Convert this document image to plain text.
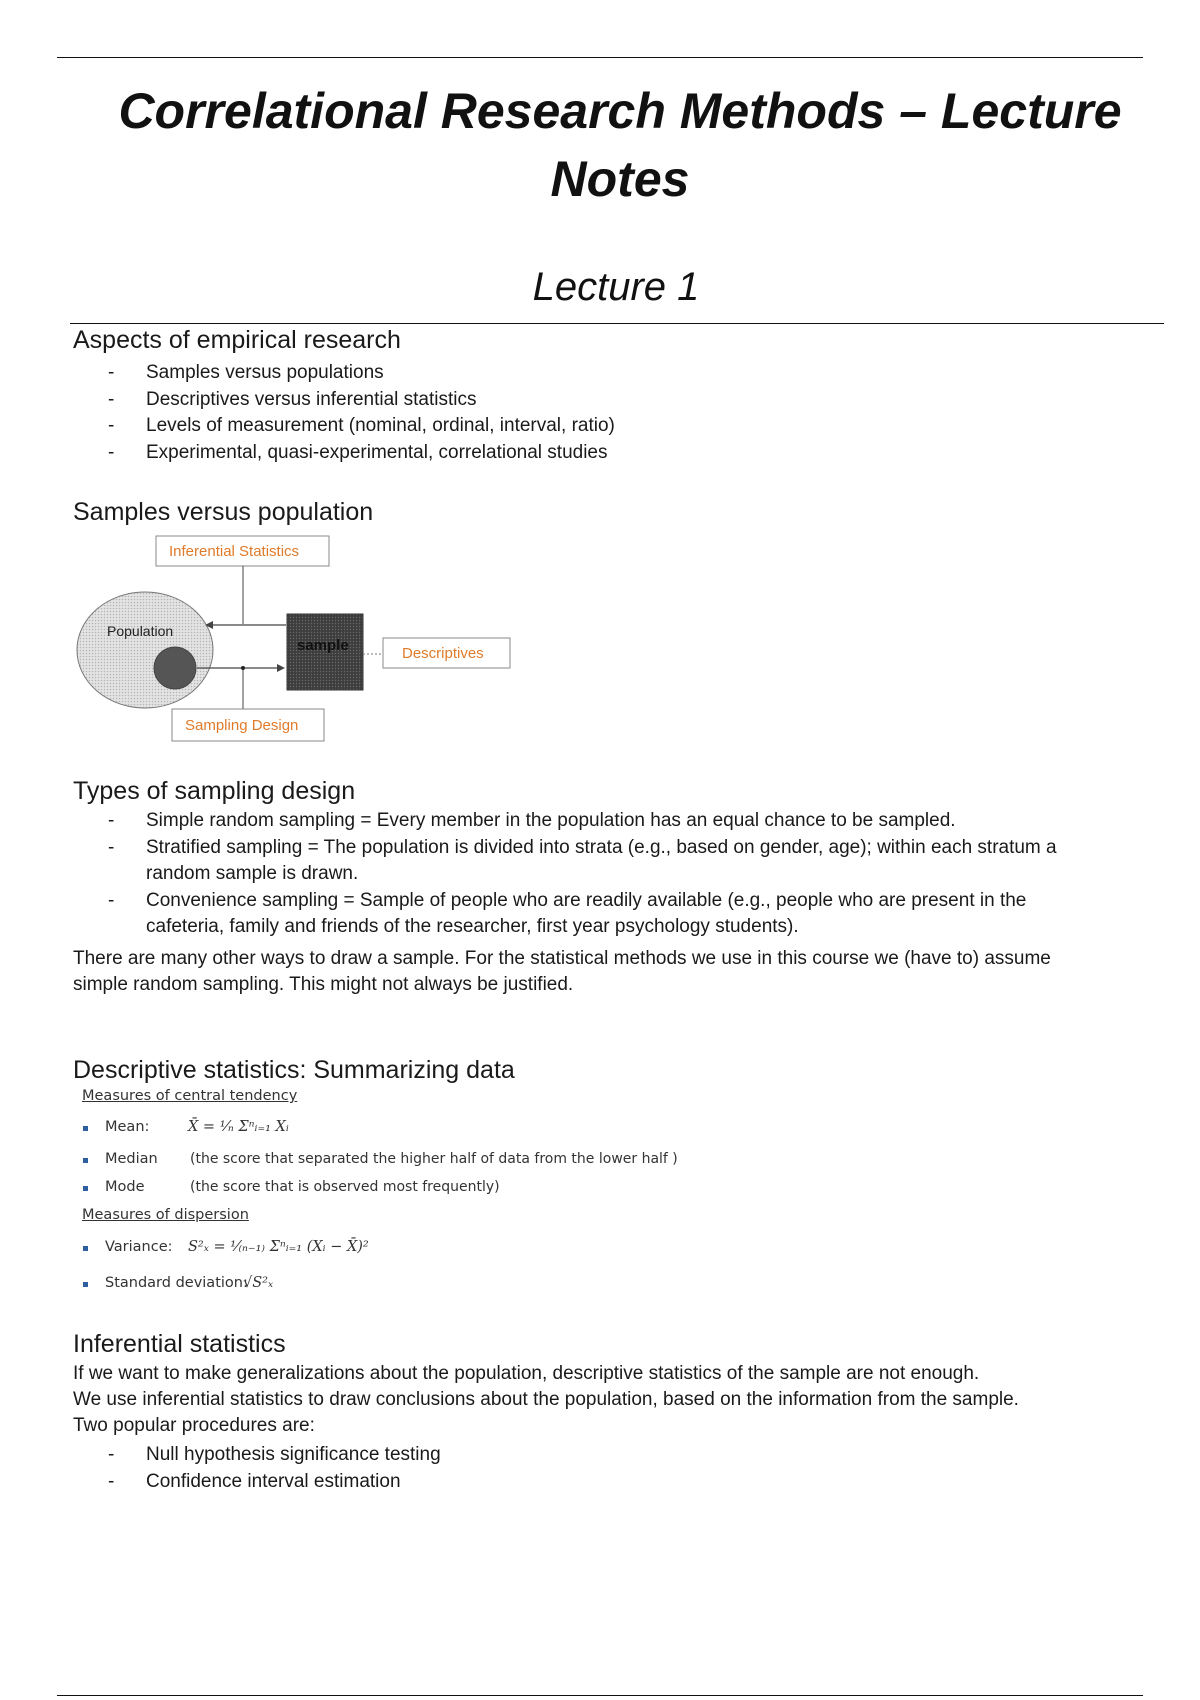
Correlational Research Methods – Lecture Notes
Lecture 1
Aspects of empirical research
- Samples versus populations
- Descriptives versus inferential statistics
- Levels of measurement (nominal, ordinal, interval, ratio)
- Experimental, quasi-experimental, correlational studies
Samples versus population
Population
Inferential Statistics
sample	Descriptives
Sampling Design
Types of sampling design
- Simple random sampling = Every member in the population has an equal chance to be sampled.
- Stratified sampling = The population is divided into strata (e.g., based on gender, age); within each stratum a
random sample is drawn.
- Convenience sampling = Sample of people who are readily available (e.g., people who are present in the
cafeteria, family and friends of the researcher, first year psychology students).
There are many other ways to draw a sample. For the statistical methods we use in this course we (have to) assume
simple random sampling. This might not always be justified.
Descriptive statistics: Summarizing data
Measures of central tendency
Mean:	X̄ = ¹⁄ₙ Σⁿᵢ₌₁ Xᵢ
Median (the score that separated the higher half of data from the lower half )
Mode	(the score that is observed most frequently)
Measures of dispersion
Variance: S²ₓ = ¹⁄₍ₙ₋₁₎ Σⁿᵢ₌₁ (Xᵢ − X̄)²
Standard deviation:
√S²ₓ
Inferential statistics
If we want to make generalizations about the population, descriptive statistics of the sample are not enough.
We use inferential statistics to draw conclusions about the population, based on the information from the sample.
Two popular procedures are:
- Null hypothesis significance testing
- Confidence interval estimation
